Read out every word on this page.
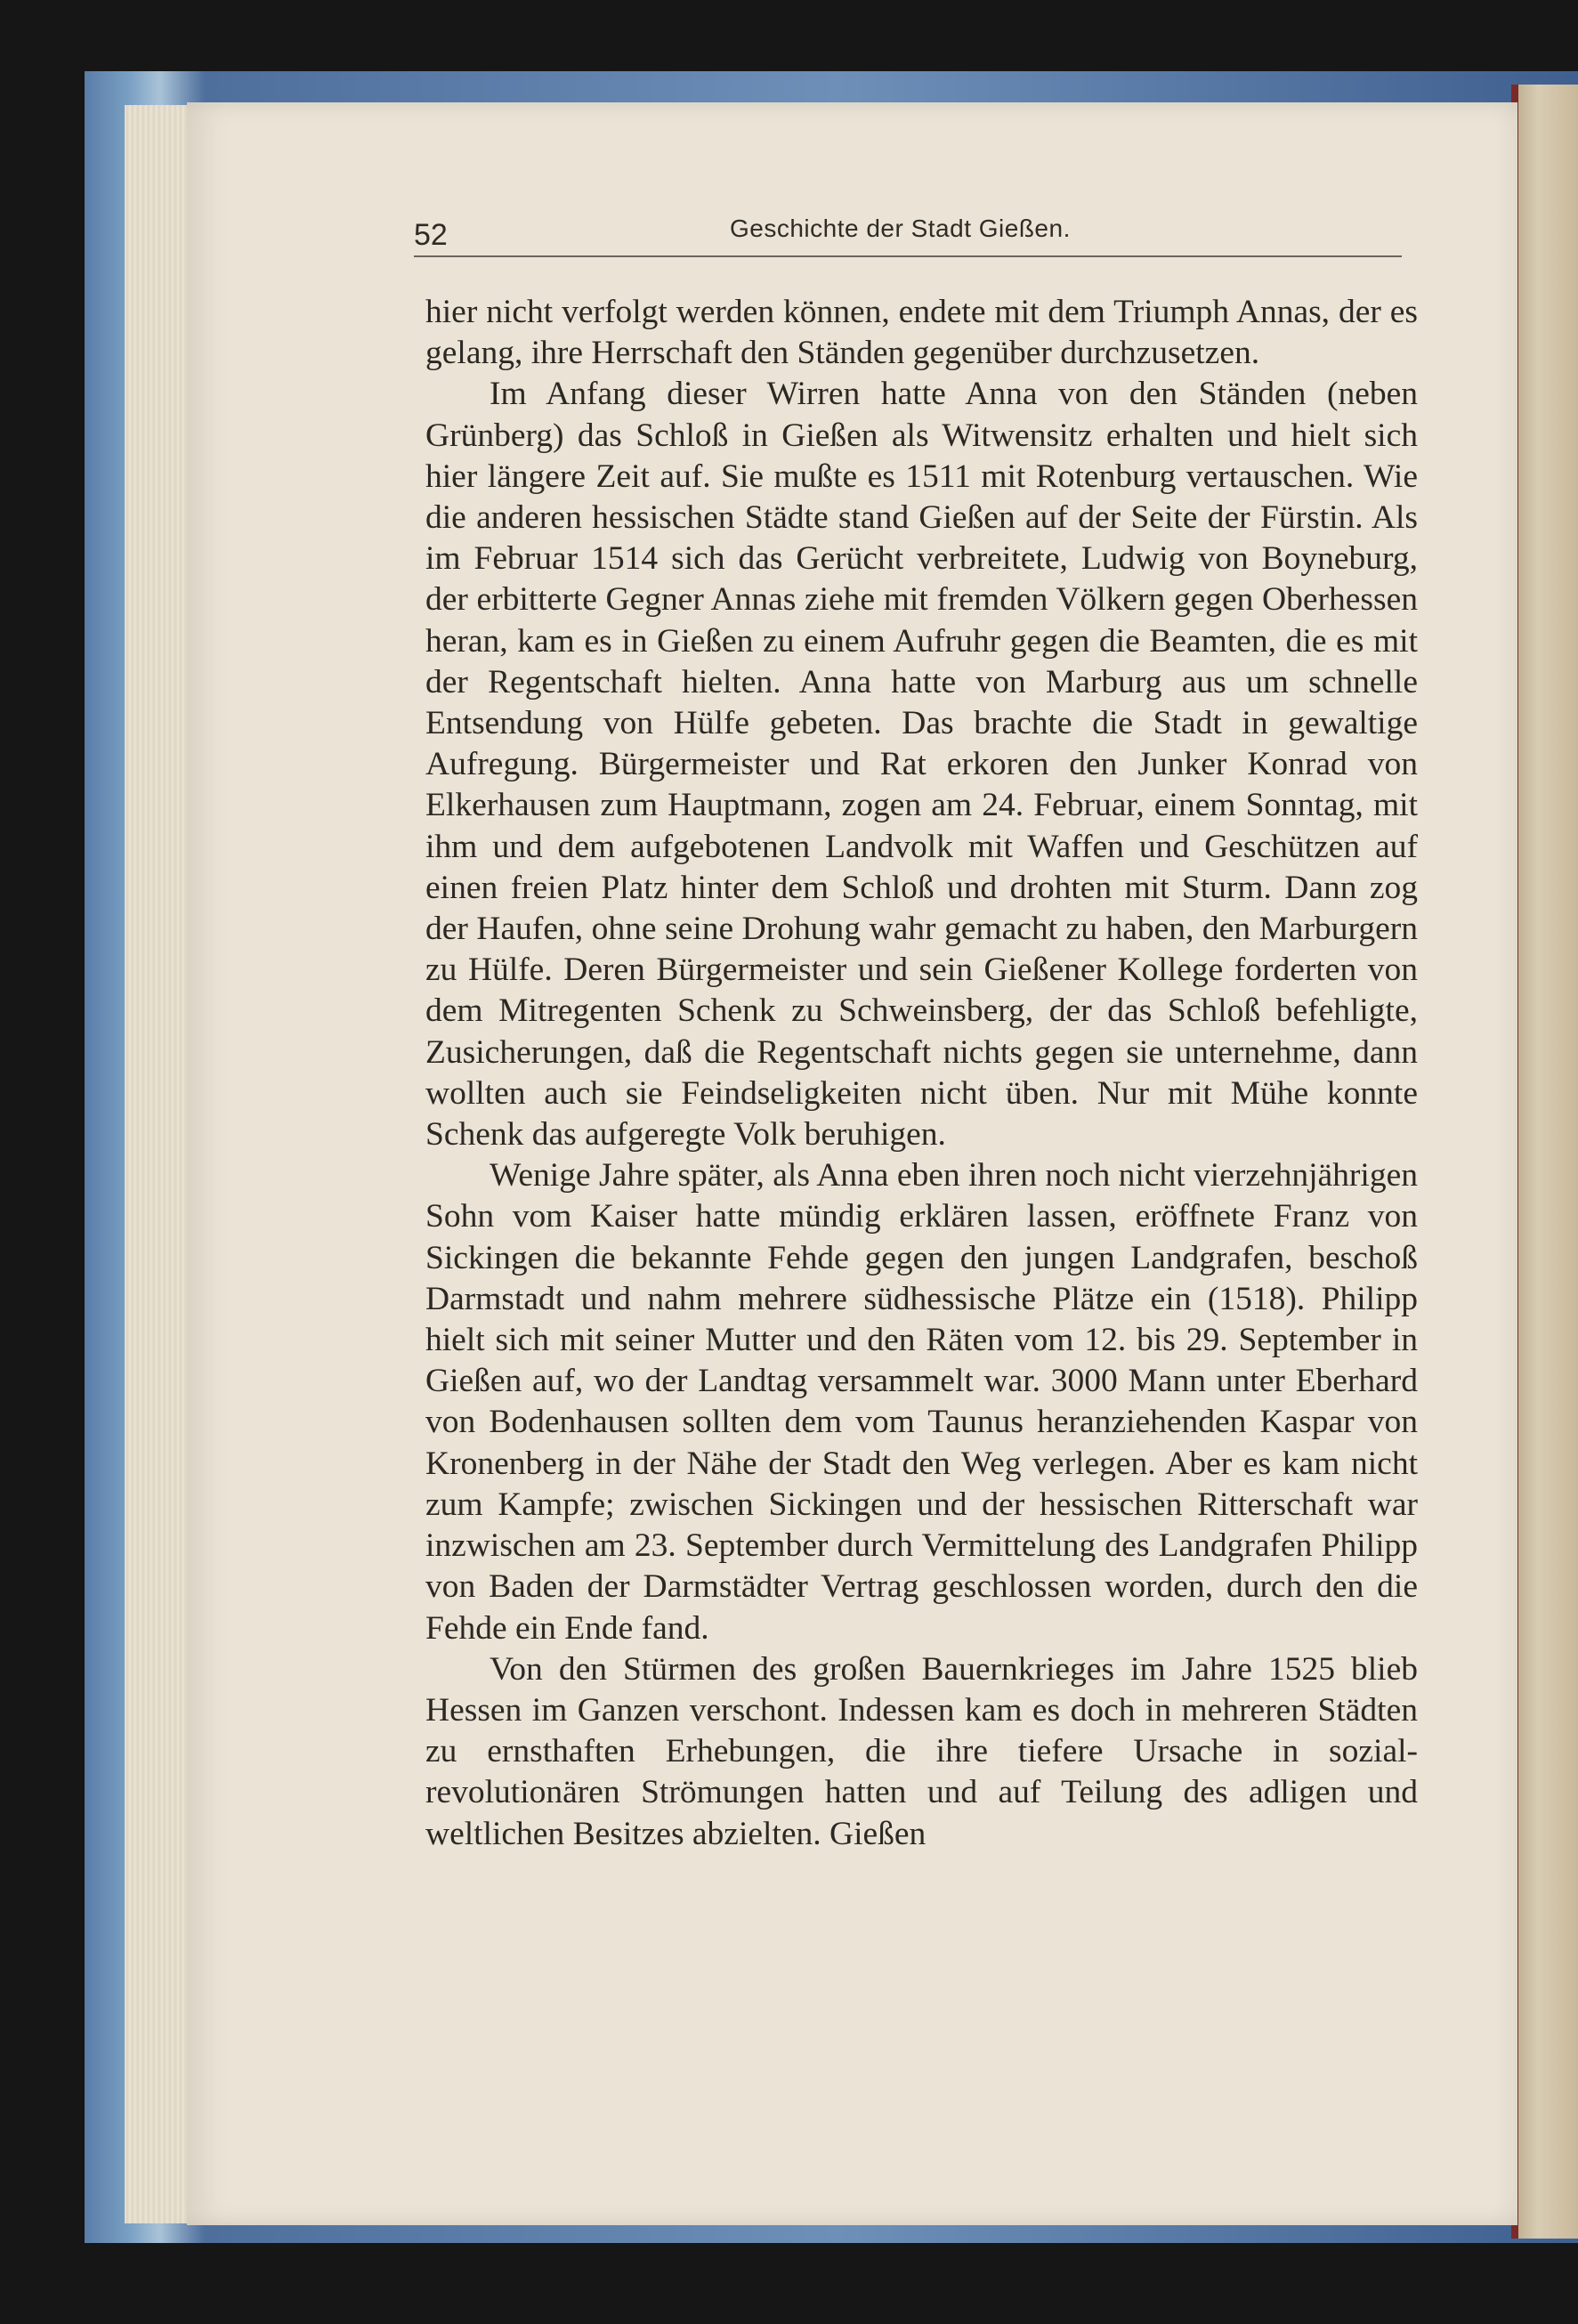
52	Geschichte der Stadt Gießen.

hier nicht verfolgt werden können, endete mit dem Triumph Annas, der es gelang, ihre Herrschaft den Ständen gegenüber durchzusetzen.

Im Anfang dieser Wirren hatte Anna von den Ständen (neben Grünberg) das Schloß in Gießen als Witwensitz erhalten und hielt sich hier längere Zeit auf. Sie mußte es 1511 mit Rotenburg vertauschen. Wie die anderen hessischen Städte stand Gießen auf der Seite der Fürstin. Als im Februar 1514 sich das Gerücht verbreitete, Ludwig von Boyneburg, der erbitterte Gegner Annas ziehe mit fremden Völkern gegen Oberhessen heran, kam es in Gießen zu einem Aufruhr gegen die Beamten, die es mit der Regentschaft hielten. Anna hatte von Marburg aus um schnelle Entsendung von Hülfe gebeten. Das brachte die Stadt in gewaltige Aufregung. Bürgermeister und Rat erkoren den Junker Konrad von Elkerhausen zum Hauptmann, zogen am 24. Februar, einem Sonntag, mit ihm und dem aufgebotenen Landvolk mit Waffen und Geschützen auf einen freien Platz hinter dem Schloß und drohten mit Sturm. Dann zog der Haufen, ohne seine Drohung wahr gemacht zu haben, den Marburgern zu Hülfe. Deren Bürgermeister und sein Gießener Kollege forderten von dem Mitregenten Schenk zu Schweinsberg, der das Schloß befehligte, Zusicherungen, daß die Regentschaft nichts gegen sie unternehme, dann wollten auch sie Feindseligkeiten nicht üben. Nur mit Mühe konnte Schenk das aufgeregte Volk beruhigen.

Wenige Jahre später, als Anna eben ihren noch nicht vierzehnjährigen Sohn vom Kaiser hatte mündig erklären lassen, eröffnete Franz von Sickingen die bekannte Fehde gegen den jungen Landgrafen, beschoß Darmstadt und nahm mehrere südhessische Plätze ein (1518). Philipp hielt sich mit seiner Mutter und den Räten vom 12. bis 29. September in Gießen auf, wo der Landtag versammelt war. 3000 Mann unter Eberhard von Bodenhausen sollten dem vom Taunus heranziehenden Kaspar von Kronenberg in der Nähe der Stadt den Weg verlegen. Aber es kam nicht zum Kampfe; zwischen Sickingen und der hessischen Ritterschaft war inzwischen am 23. September durch Vermittelung des Landgrafen Philipp von Baden der Darmstädter Vertrag geschlossen worden, durch den die Fehde ein Ende fand.

Von den Stürmen des großen Bauernkrieges im Jahre 1525 blieb Hessen im Ganzen verschont. Indessen kam es doch in mehreren Städten zu ernsthaften Erhebungen, die ihre tiefere Ursache in sozial-revolutionären Strömungen hatten und auf Teilung des adligen und weltlichen Besitzes abzielten. Gießen
